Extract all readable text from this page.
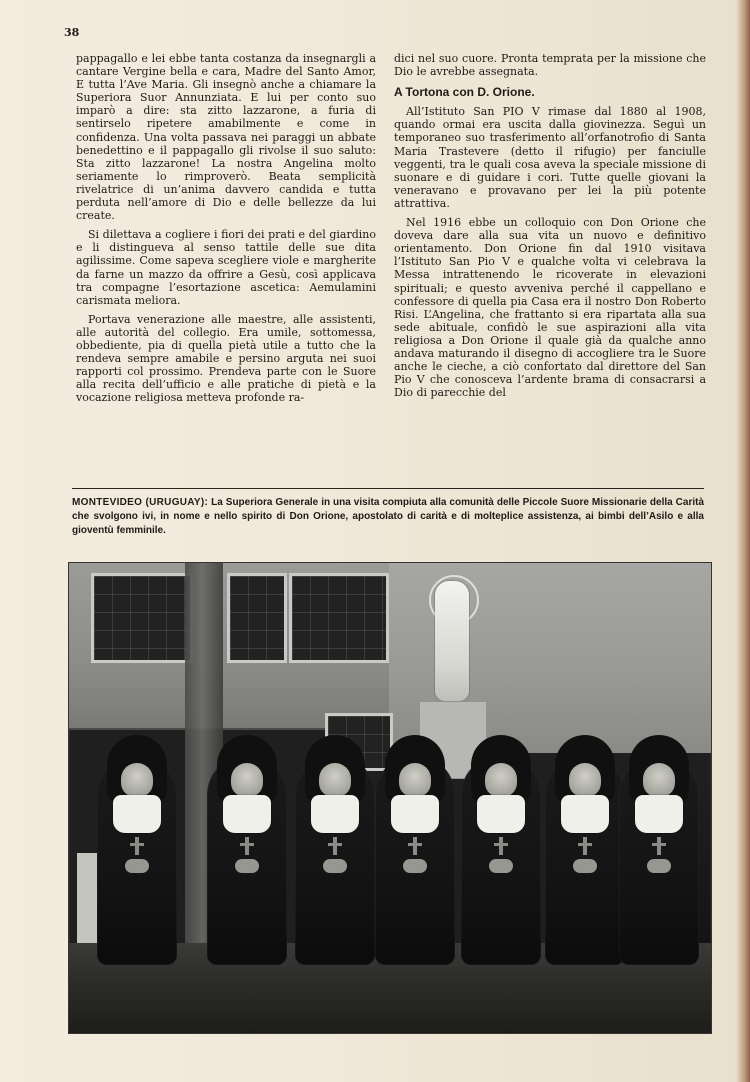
38

pappagallo e lei ebbe tanta costanza da insegnargli a cantare Vergine bella e cara, Madre del Santo Amor, E tutta l’Ave Maria. Gli insegnò anche a chiamare la Superiora Suor Annunziata. E lui per conto suo imparò a dire: sta zitto lazzarone, a furia di sentirselo ripetere amabilmente e come in confidenza. Una volta passava nei paraggi un abbate benedettino e il pappagallo gli rivolse il suo saluto: Sta zitto lazzarone! La nostra Angelina molto seriamente lo rimproverò. Beata semplicità rivelatrice di un’anima davvero candida e tutta perduta nell’amore di Dio e delle bellezze da lui create.

Si dilettava a cogliere i fiori dei prati e del giardino e li distingueva al senso tattile delle sue dita agilissime. Come sapeva scegliere viole e margherite da farne un mazzo da offrire a Gesù, così applicava tra compagne l’esortazione ascetica: Aemulamini carismata meliora.

Portava venerazione alle maestre, alle assistenti, alle autorità del collegio. Era umile, sottomessa, obbediente, pia di quella pietà utile a tutto che la rendeva sempre amabile e persino arguta nei suoi rapporti col prossimo. Prendeva parte con le Suore alla recita dell’ufficio e alle pratiche di pietà e la vocazione religiosa metteva profonde ra-

dici nel suo cuore. Pronta temprata per la missione che Dio le avrebbe assegnata.

A Tortona con D. Orione.

All’Istituto San PIO V rimase dal 1880 al 1908, quando ormai era uscita dalla giovinezza. Seguì un temporaneo suo trasferimento all’orfanotrofio di Santa Maria Trastevere (detto il rifugio) per fanciulle veggenti, tra le quali cosa aveva la speciale missione di suonare e di guidare i cori. Tutte quelle giovani la veneravano e provavano per lei la più potente attrattiva.

Nel 1916 ebbe un colloquio con Don Orione che doveva dare alla sua vita un nuovo e definitivo orientamento. Don Orione fin dal 1910 visitava l’Istituto San Pio V e qualche volta vi celebrava la Messa intrattenendo le ricoverate in elevazioni spirituali; e questo avveniva perché il cappellano e confessore di quella pia Casa era il nostro Don Roberto Risi. L’Angelina, che frattanto si era ripartata alla sua sede abituale, confidò le sue aspirazioni alla vita religiosa a Don Orione il quale già da qualche anno andava maturando il disegno di accogliere tra le Suore anche le cieche, a ciò confortato dal direttore del San Pio V che conosceva l’ardente brama di consacrarsi a Dio di parecchie del

MONTEVIDEO (URUGUAY): La Superiora Generale in una visita compiuta alla comunità delle Piccole Suore Missionarie della Carità che svolgono ivi, in nome e nello spirito di Don Orione, apostolato di carità e di molteplice assistenza, ai bimbi dell’Asilo e alla gioventù femminile.
